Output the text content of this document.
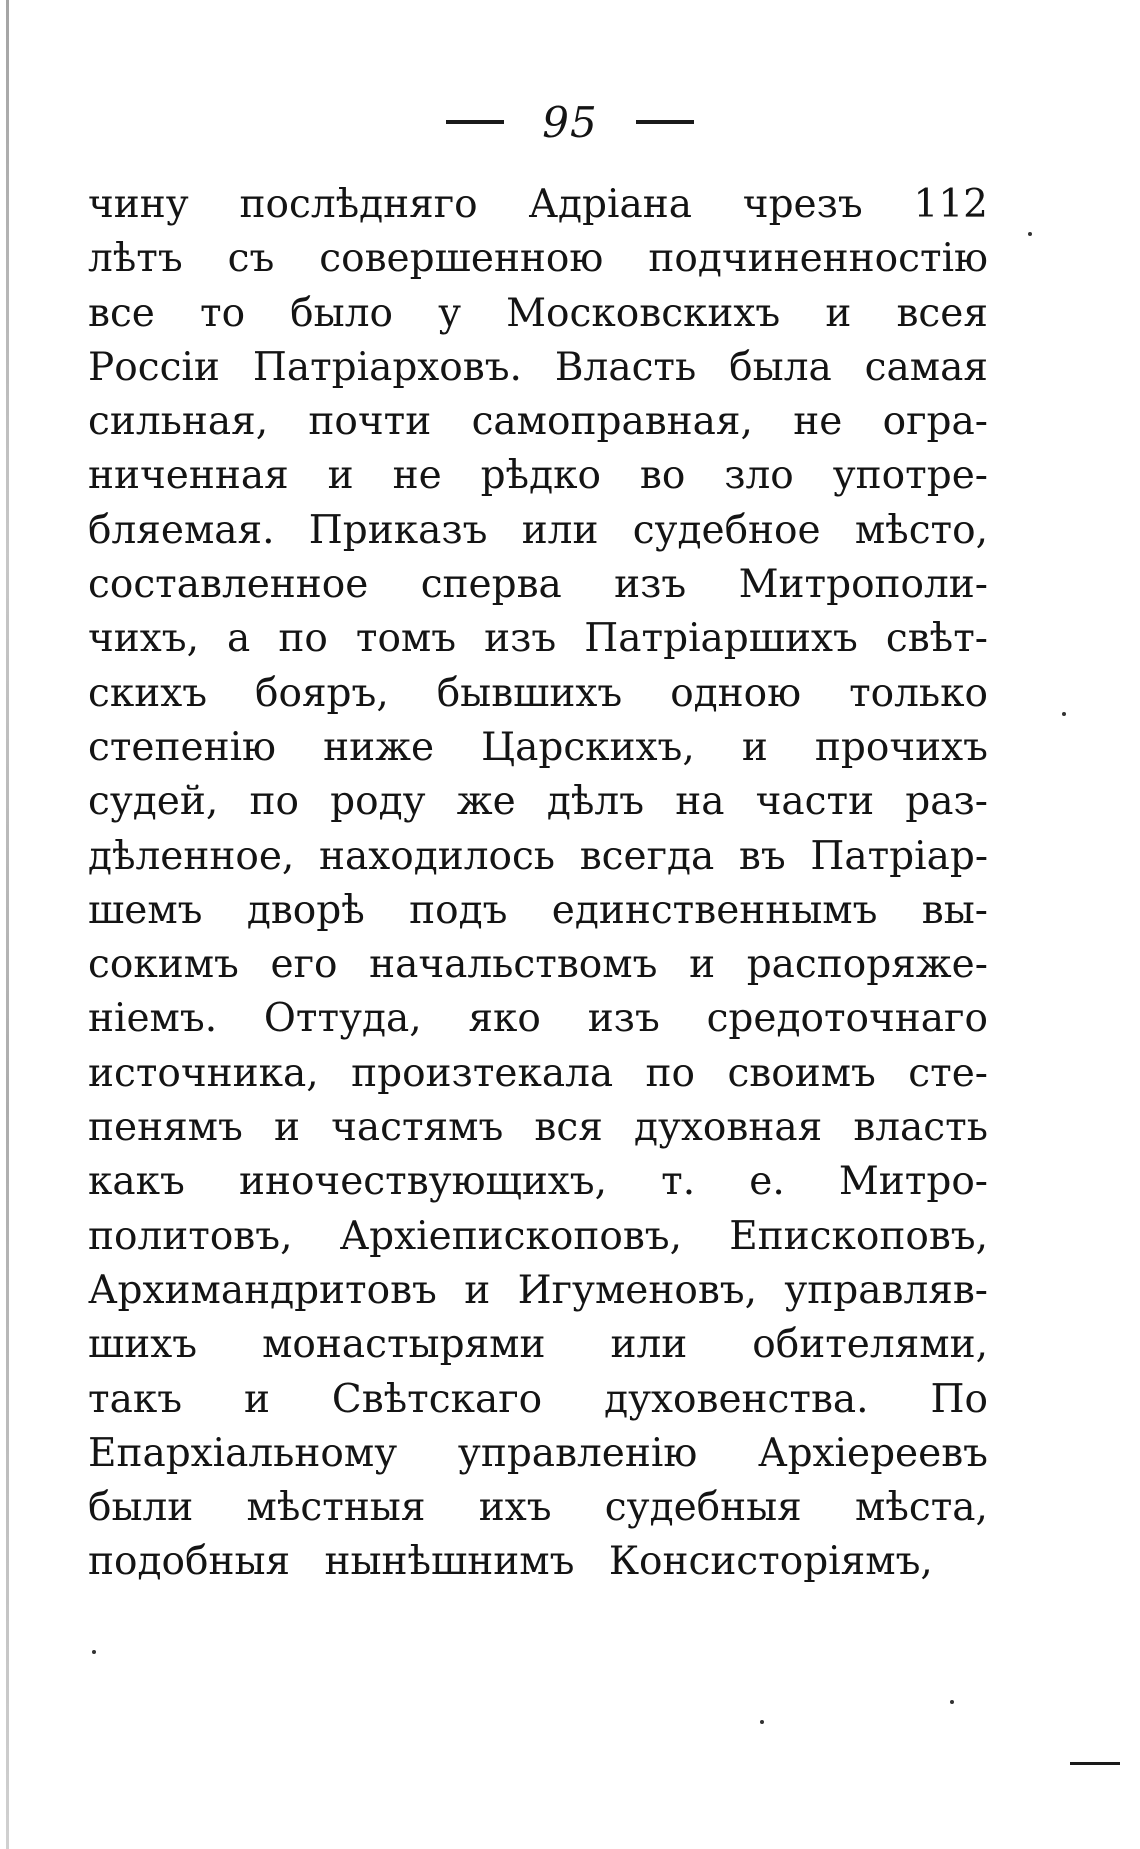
95
чину послѣдняго Адріана чрезъ 112
лѣтъ съ совершенною подчиненностію
все то было у Московскихъ и всея
Россіи Патріарховъ. Власть была самая
сильная, почти самоправная, не огра-
ниченная и не рѣдко во зло употре-
бляемая. Приказъ или судебное мѣсто,
составленное сперва изъ Митрополи-
чихъ, а по томъ изъ Патріаршихъ свѣт-
скихъ бояръ, бывшихъ одною только
степенію ниже Царскихъ, и прочихъ
судей, по роду же дѣлъ на части раз-
дѣленное, находилось всегда въ Патріар-
шемъ дворѣ подъ единственнымъ вы-
сокимъ его начальствомъ и распоряже-
ніемъ. Оттуда, яко изъ средоточнаго
источника, произтекала по своимъ сте-
пенямъ и частямъ вся духовная власть
какъ иночествующихъ, т. е. Митро-
политовъ, Архіепископовъ, Епископовъ,
Архимандритовъ и Игуменовъ, управляв-
шихъ монастырями или обителями,
такъ и Свѣтскаго духовенства. По
Епархіальному управленію Архіереевъ
были мѣстныя ихъ судебныя мѣста,
подобныя нынѣшнимъ Консисторіямъ,
